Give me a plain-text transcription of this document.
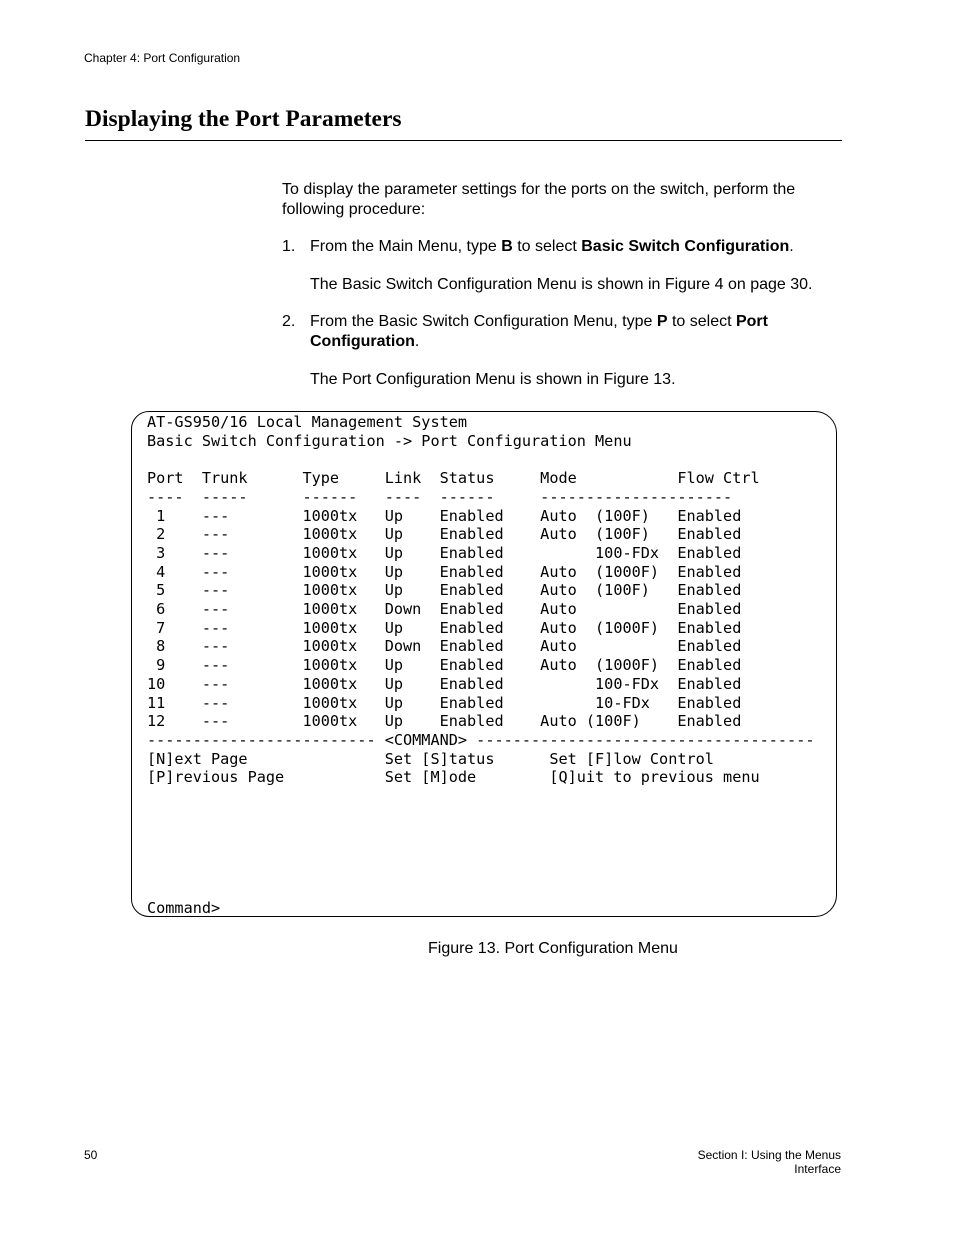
Chapter 4: Port Configuration
Displaying the Port Parameters
To display the parameter settings for the ports on the switch, perform the following procedure:
1. From the Main Menu, type B to select Basic Switch Configuration.
The Basic Switch Configuration Menu is shown in Figure 4 on page 30.
2. From the Basic Switch Configuration Menu, type P to select Port
Configuration.
The Port Configuration Menu is shown in Figure 13.
AT-GS950/16 Local Management System
Basic Switch Configuration -> Port Configuration Menu
Port  Trunk      Type     Link  Status     Mode           Flow Ctrl
----  -----      ------   ----  ------     ---------------------
1    ---        1000tx   Up    Enabled    Auto  (100F)   Enabled
2    ---        1000tx   Up    Enabled    Auto  (100F)   Enabled
3    ---        1000tx   Up    Enabled          100-FDx  Enabled
4    ---        1000tx   Up    Enabled    Auto  (1000F)  Enabled
5    ---        1000tx   Up    Enabled    Auto  (100F)   Enabled
6    ---        1000tx   Down  Enabled    Auto           Enabled
7    ---        1000tx   Up    Enabled    Auto  (1000F)  Enabled
8    ---        1000tx   Down  Enabled    Auto           Enabled
9    ---        1000tx   Up    Enabled    Auto  (1000F)  Enabled
10    ---        1000tx   Up    Enabled          100-FDx  Enabled
11    ---        1000tx   Up    Enabled          10-FDx   Enabled
12    ---        1000tx   Up    Enabled    Auto (100F)    Enabled
------------------------- <COMMAND> -------------------------------------
[N]ext Page               Set [S]tatus      Set [F]low Control
[P]revious Page           Set [M]ode        [Q]uit to previous menu
Command>
Figure 13. Port Configuration Menu
50	Section I: Using the Menus Interface
